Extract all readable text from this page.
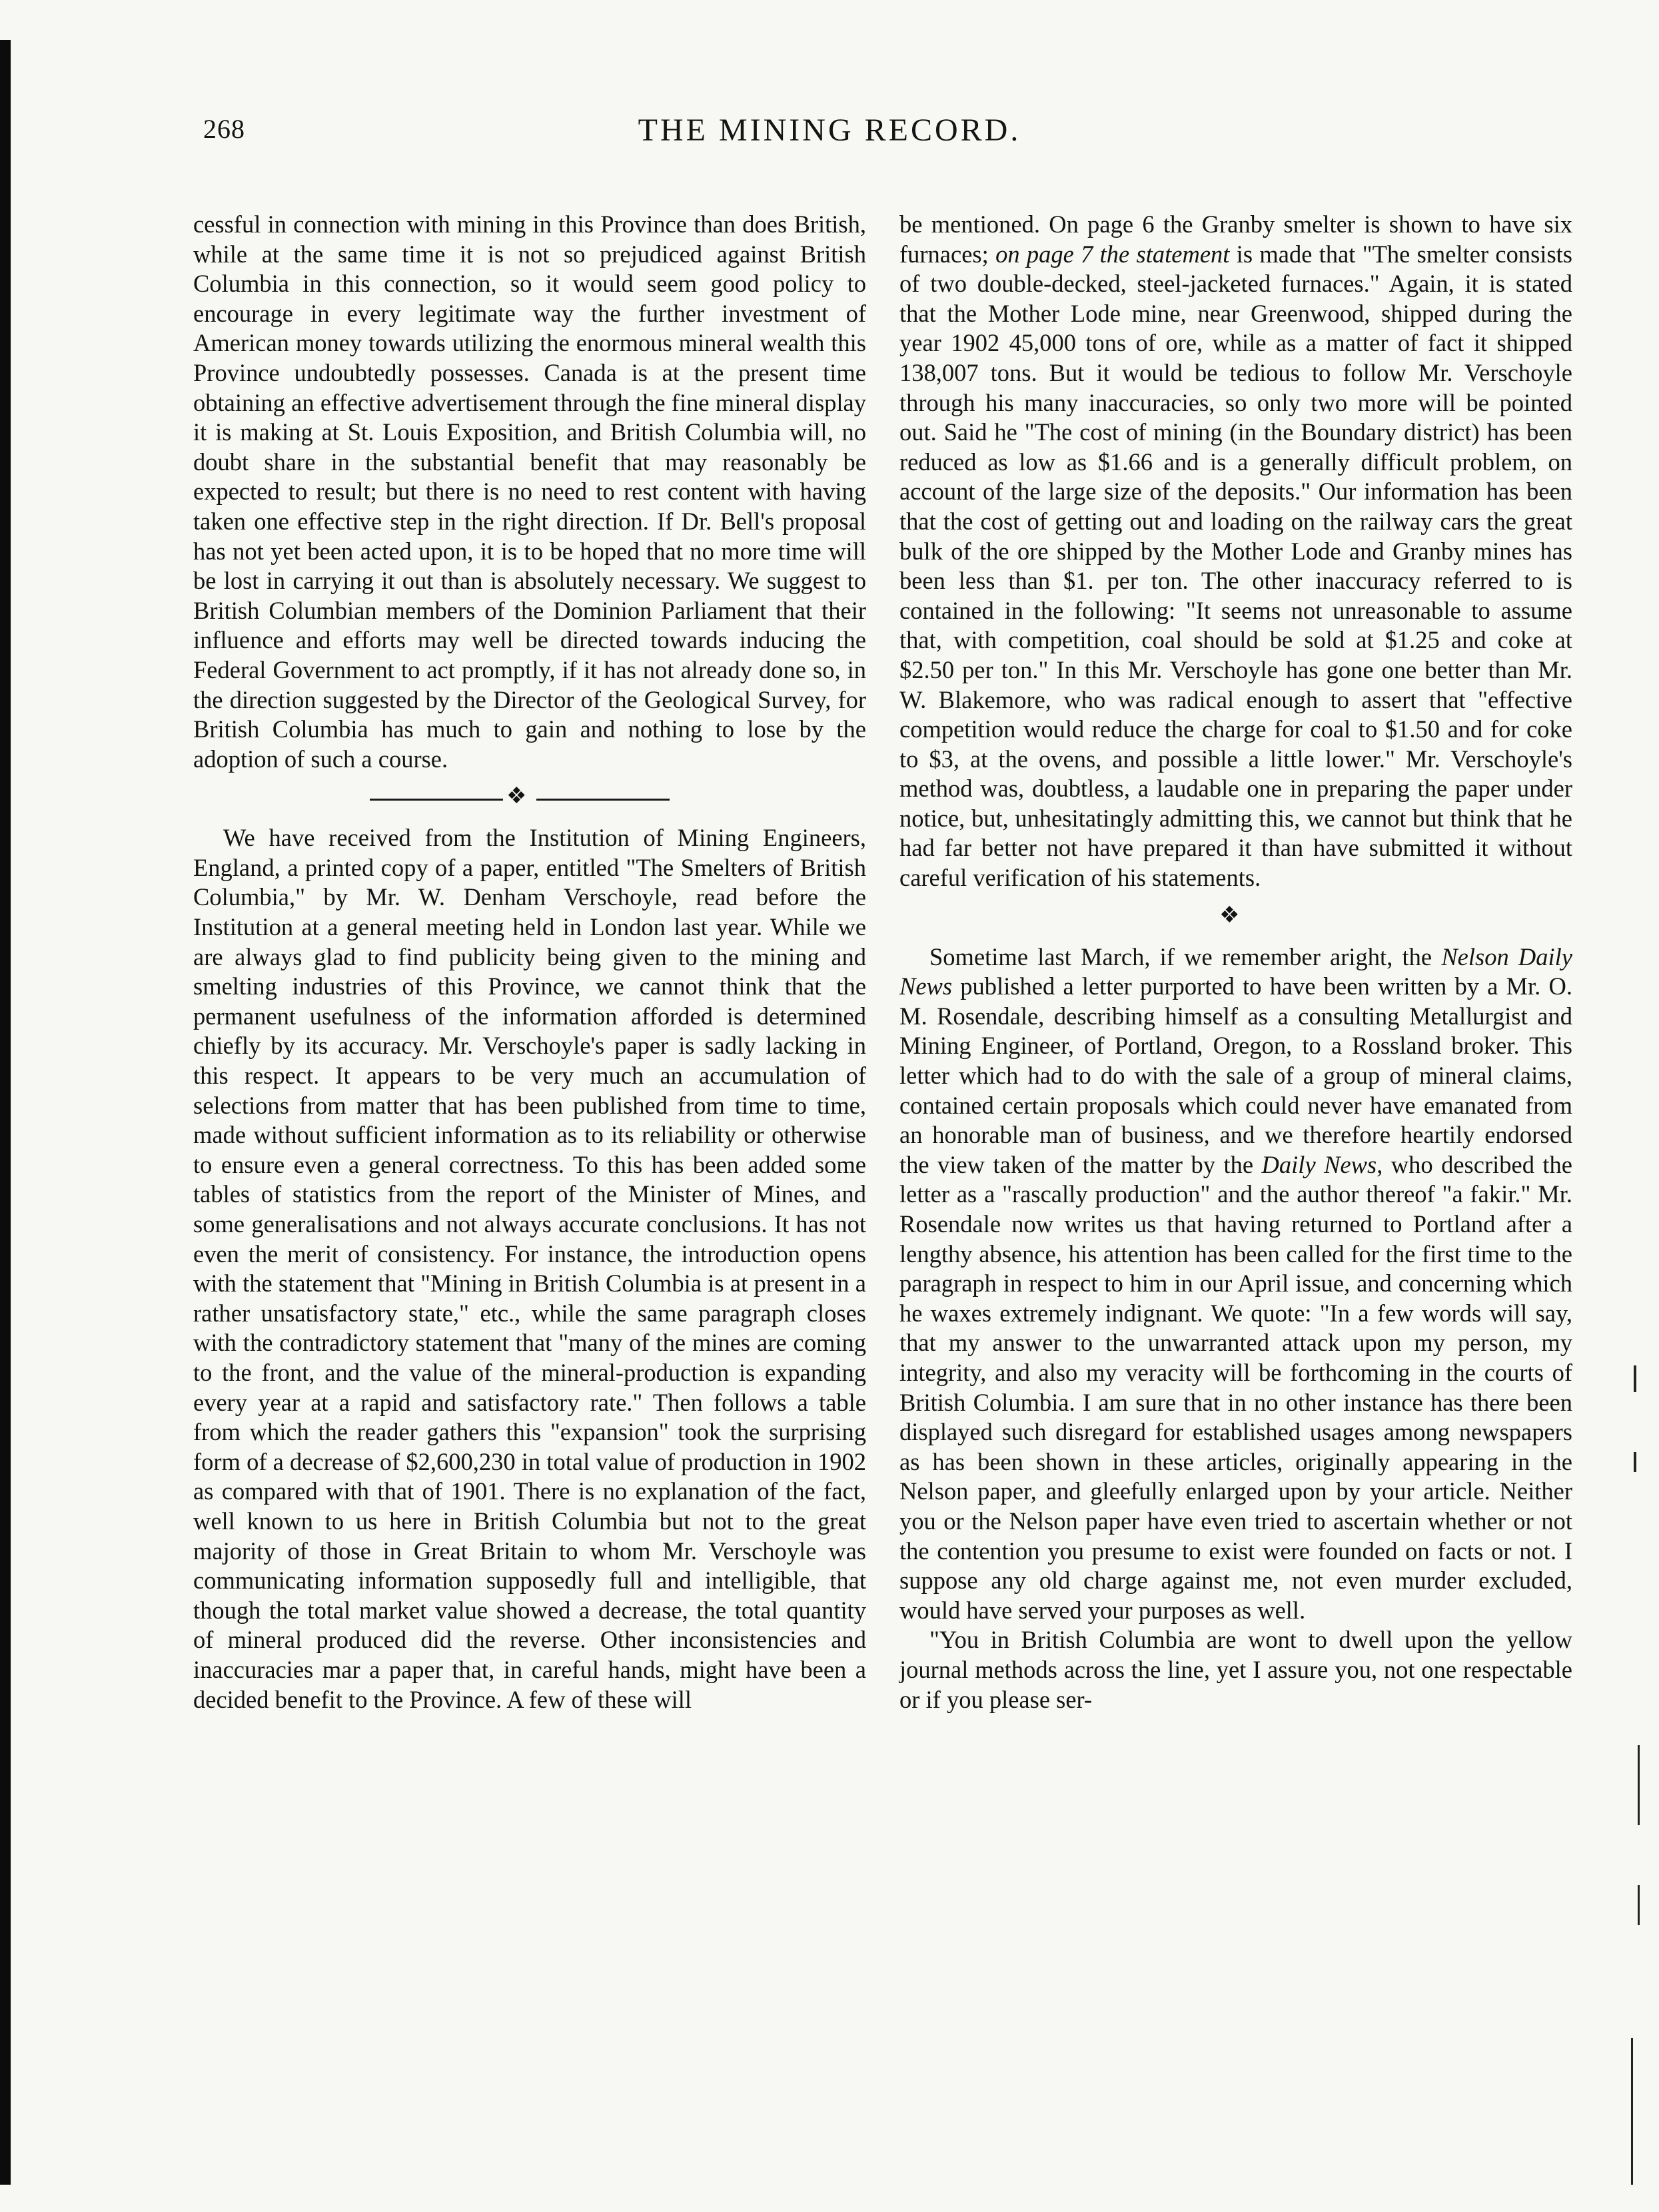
268	THE MINING RECORD.

cessful in connection with mining in this Province than does British, while at the same time it is not so prejudiced against British Columbia in this connection, so it would seem good policy to encourage in every legitimate way the further investment of American money towards utilizing the enormous mineral wealth this Province undoubtedly possesses. Canada is at the present time obtaining an effective advertisement through the fine mineral display it is making at St. Louis Exposition, and British Columbia will, no doubt share in the substantial benefit that may reasonably be expected to result; but there is no need to rest content with having taken one effective step in the right direction. If Dr. Bell's proposal has not yet been acted upon, it is to be hoped that no more time will be lost in carrying it out than is absolutely necessary. We suggest to British Columbian members of the Dominion Parliament that their influence and efforts may well be directed towards inducing the Federal Government to act promptly, if it has not already done so, in the direction suggested by the Director of the Geological Survey, for British Columbia has much to gain and nothing to lose by the adoption of such a course.

❖

We have received from the Institution of Mining Engineers, England, a printed copy of a paper, entitled "The Smelters of British Columbia," by Mr. W. Denham Verschoyle, read before the Institution at a general meeting held in London last year. While we are always glad to find publicity being given to the mining and smelting industries of this Province, we cannot think that the permanent usefulness of the information afforded is determined chiefly by its accuracy. Mr. Verschoyle's paper is sadly lacking in this respect. It appears to be very much an accumulation of selections from matter that has been published from time to time, made without sufficient information as to its reliability or otherwise to ensure even a general correctness. To this has been added some tables of statistics from the report of the Minister of Mines, and some generalisations and not always accurate conclusions. It has not even the merit of consistency. For instance, the introduction opens with the statement that "Mining in British Columbia is at present in a rather unsatisfactory state," etc., while the same paragraph closes with the contradictory statement that "many of the mines are coming to the front, and the value of the mineral-production is expanding every year at a rapid and satisfactory rate." Then follows a table from which the reader gathers this "expansion" took the surprising form of a decrease of $2,600,230 in total value of production in 1902 as compared with that of 1901. There is no explanation of the fact, well known to us here in British Columbia but not to the great majority of those in Great Britain to whom Mr. Verschoyle was communicating information supposedly full and intelligible, that though the total market value showed a decrease, the total quantity of mineral produced did the reverse. Other inconsistencies and inaccuracies mar a paper that, in careful hands, might have been a decided benefit to the Province. A few of these will

be mentioned. On page 6 the Granby smelter is shown to have six furnaces; on page 7 the statement is made that "The smelter consists of two double-decked, steel-jacketed furnaces." Again, it is stated that the Mother Lode mine, near Greenwood, shipped during the year 1902 45,000 tons of ore, while as a matter of fact it shipped 138,007 tons. But it would be tedious to follow Mr. Verschoyle through his many inaccuracies, so only two more will be pointed out. Said he "The cost of mining (in the Boundary district) has been reduced as low as $1.66 and is a generally difficult problem, on account of the large size of the deposits." Our information has been that the cost of getting out and loading on the railway cars the great bulk of the ore shipped by the Mother Lode and Granby mines has been less than $1. per ton. The other inaccuracy referred to is contained in the following: "It seems not unreasonable to assume that, with competition, coal should be sold at $1.25 and coke at $2.50 per ton." In this Mr. Verschoyle has gone one better than Mr. W. Blakemore, who was radical enough to assert that "effective competition would reduce the charge for coal to $1.50 and for coke to $3, at the ovens, and possible a little lower." Mr. Verschoyle's method was, doubtless, a laudable one in preparing the paper under notice, but, unhesitatingly admitting this, we cannot but think that he had far better not have prepared it than have submitted it without careful verification of his statements.

❖

Sometime last March, if we remember aright, the Nelson Daily News published a letter purported to have been written by a Mr. O. M. Rosendale, describing himself as a consulting Metallurgist and Mining Engineer, of Portland, Oregon, to a Rossland broker. This letter which had to do with the sale of a group of mineral claims, contained certain proposals which could never have emanated from an honorable man of business, and we therefore heartily endorsed the view taken of the matter by the Daily News, who described the letter as a "rascally production" and the author thereof "a fakir." Mr. Rosendale now writes us that having returned to Portland after a lengthy absence, his attention has been called for the first time to the paragraph in respect to him in our April issue, and concerning which he waxes extremely indignant. We quote: "In a few words will say, that my answer to the unwarranted attack upon my person, my integrity, and also my veracity will be forthcoming in the courts of British Columbia. I am sure that in no other instance has there been displayed such disregard for established usages among newspapers as has been shown in these articles, originally appearing in the Nelson paper, and gleefully enlarged upon by your article. Neither you or the Nelson paper have even tried to ascertain whether or not the contention you presume to exist were founded on facts or not. I suppose any old charge against me, not even murder excluded, would have served your purposes as well.

"You in British Columbia are wont to dwell upon the yellow journal methods across the line, yet I assure you, not one respectable or if you please ser-
